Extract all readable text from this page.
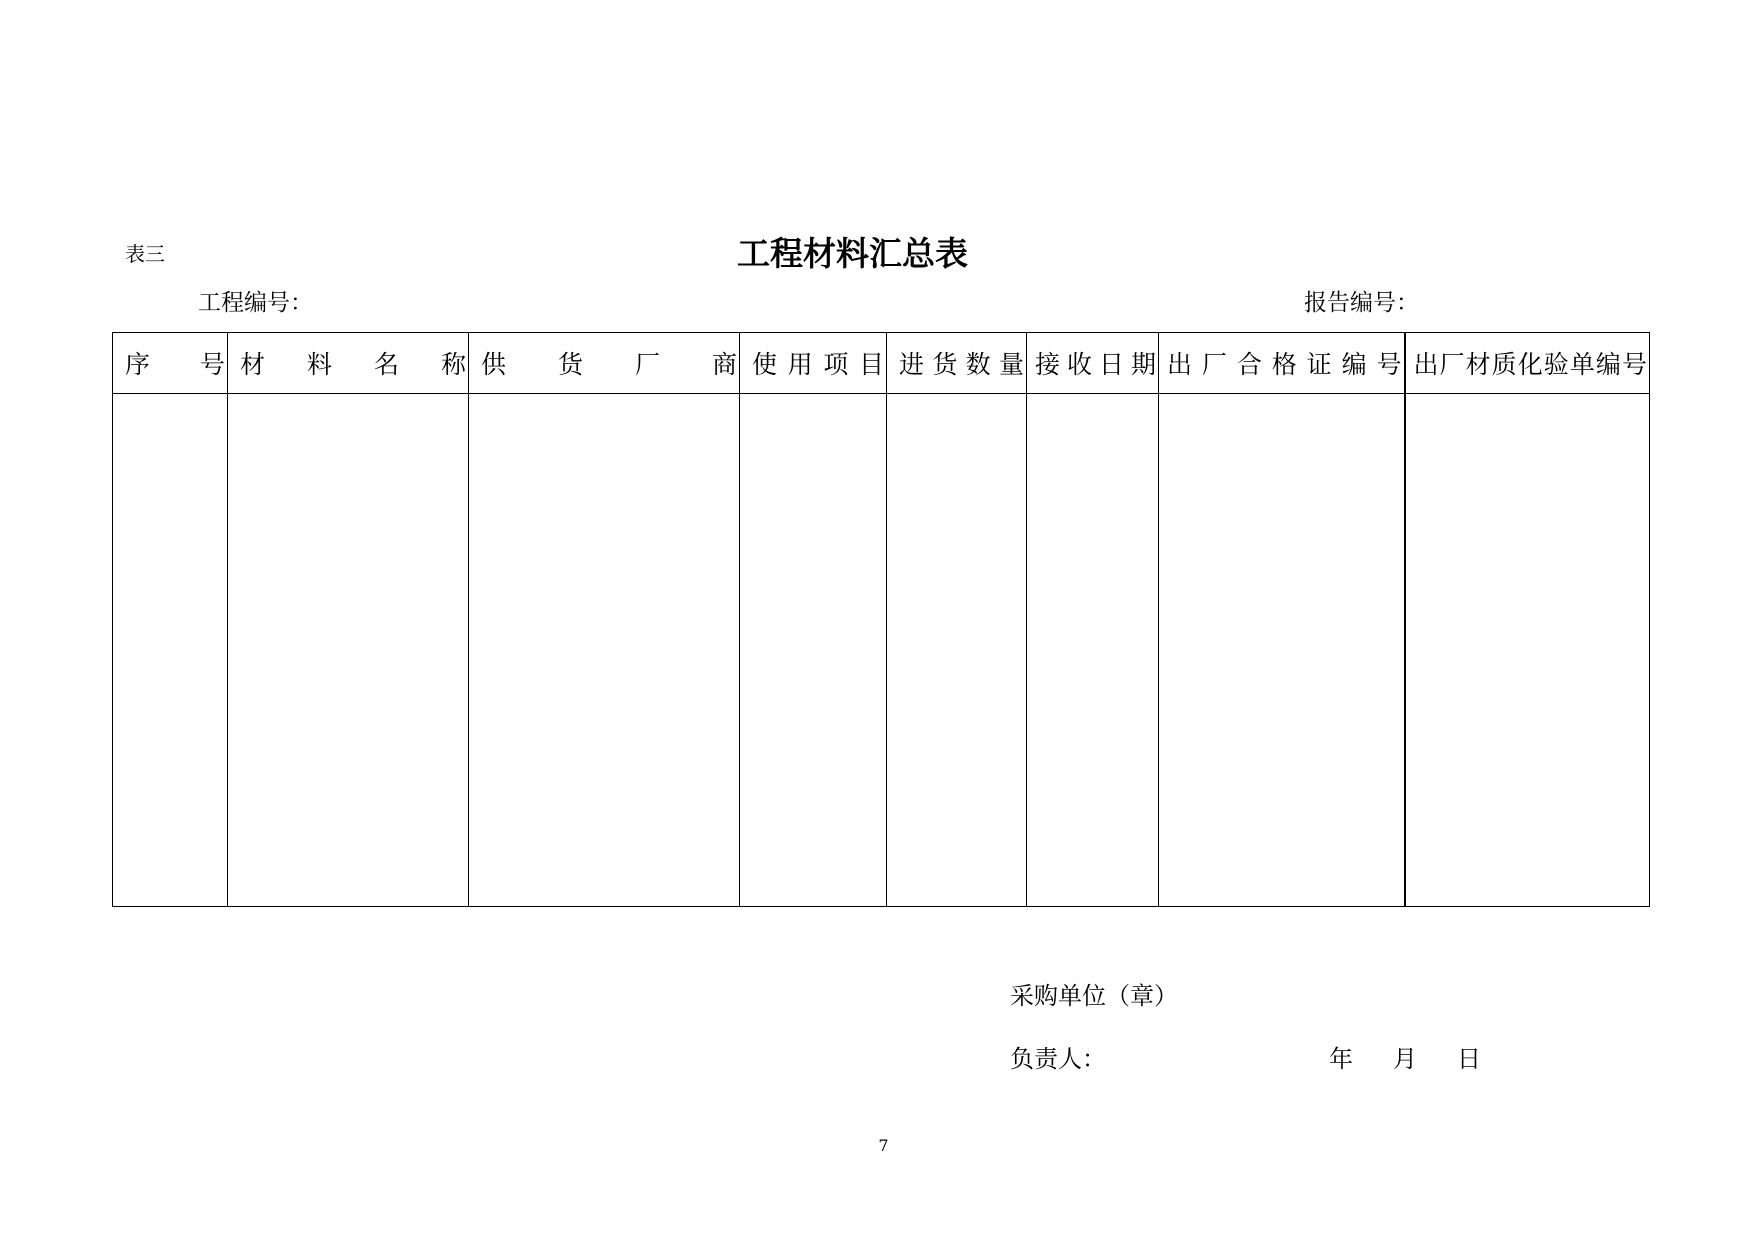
表三	工程材料汇总表
工程编号：	报告编号：
序号	材料名称	供货厂商	使用项目	进货数量	接收日期	出厂合格证编号	出厂材质化验单编号

采购单位（章）
负责人：	年 月 日
7
